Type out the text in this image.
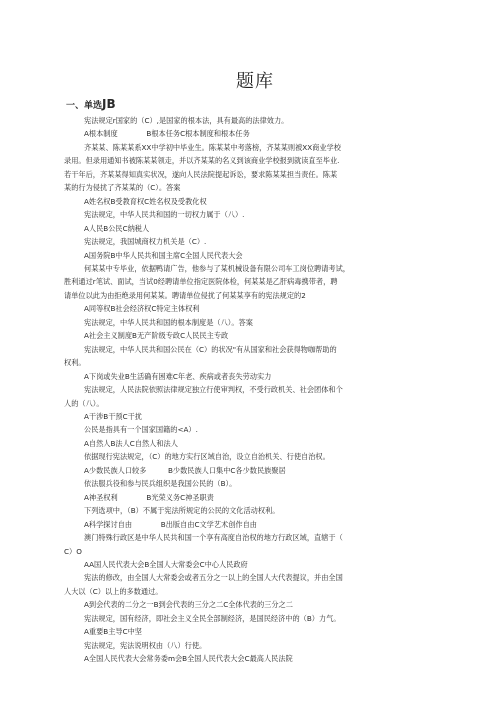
题库
一、单选JB
宪法规定r国家的（C）,是国家的根本法，具有最高的法律效力。
A根本制度　　　　B根本任务C根本制度和根本任务
齐某某、陈某某系XX中学初中毕业生。陈某某中考落榜，齐某某则被XX商业学校
录用。但录用通知书被陈某某领走，并以齐某某的名义到该商业学校报到就读直至毕业.
若干年后，齐某某得知真实状况，遂向人民法院提起诉讼，要求陈某某担当责任。陈某
某的行为侵扰了齐某某的（C）。答案
A姓名权B受教育权C姓名权及受教化权
宪法规定，中华人民共和国的一切权力属于（八）.
A人民B公民C纳税人
宪法规定，我国城商权力机关是（C）.
A国务院B中华人民共和国主席C全国人民代表大会
何某某中专毕业，依据鸭请广告，他参与了某机械设备有限公司车工岗位聘请考试，
胜利通过r笔试、面试，当试0经聘请单位指定医院体检，何某某是乙肝病毒携带者，聘
请单位以此为由拒绝录用何某某。聘请单位侵扰了何某某享有的宪法规定的2
A同等权B社会经济权C特定主体权利
宪法规定，中华人民共和国的根本制度是（八）。答案
A社会主义制度B无产阶级专政C人民民主专政
宪法规定，中华人民共和国公民在（C）的状况"有从国家和社会获得物咖帮助的
权利。
A下岗或失业B生活确有困难C年老、疾病或者丧失劳动实力
宪法规定，人民法院依照法律规定独立行使审判权，不受行政机关、社会团体和个
人的（八）。
A干涉B干预C干扰
公民是指具有一个国家国籍的<A）.
A自然人B法人C自然人和法人
依据现行宪法规定，（C）的地方实行区域自治，设立自治机关、行使自治权。
A少数民族人口较多　　　B少数民族人口集中C各少数民族聚居
依法服兵役和参与民兵组织是我国公民的（B）。
A神圣权利　　　　B光荣义务C神圣职责
下列选项中，（B）不属于宪法所规定的公民的文化活动权利。
A科学探讨自由　　　　B出版自由C文学艺术创作自由
澳门特殊行政区是中华人民共和国一个享有高度自治权的地方行政区域，直辖于（
C）O
AA国人民代表大会B全国人大常委会C中心人民政府
宪法的修改，由全国人大常委会或者五分之一以上的全国人大代表提议，并由全国
人大以（C）以上的多数通过。
A到会代表的二分之一B到会代表的三分之二C全体代表的三分之二
宪法规定，国有经济，即社会主义全民全部制经济，是国民经济中的（B）力气。
A重要B主导C中坚
宪法规定，宪法说明权由（八）行使。
A全国人民代表大会常务委m会B全国人民代表大会C最高人民法院
